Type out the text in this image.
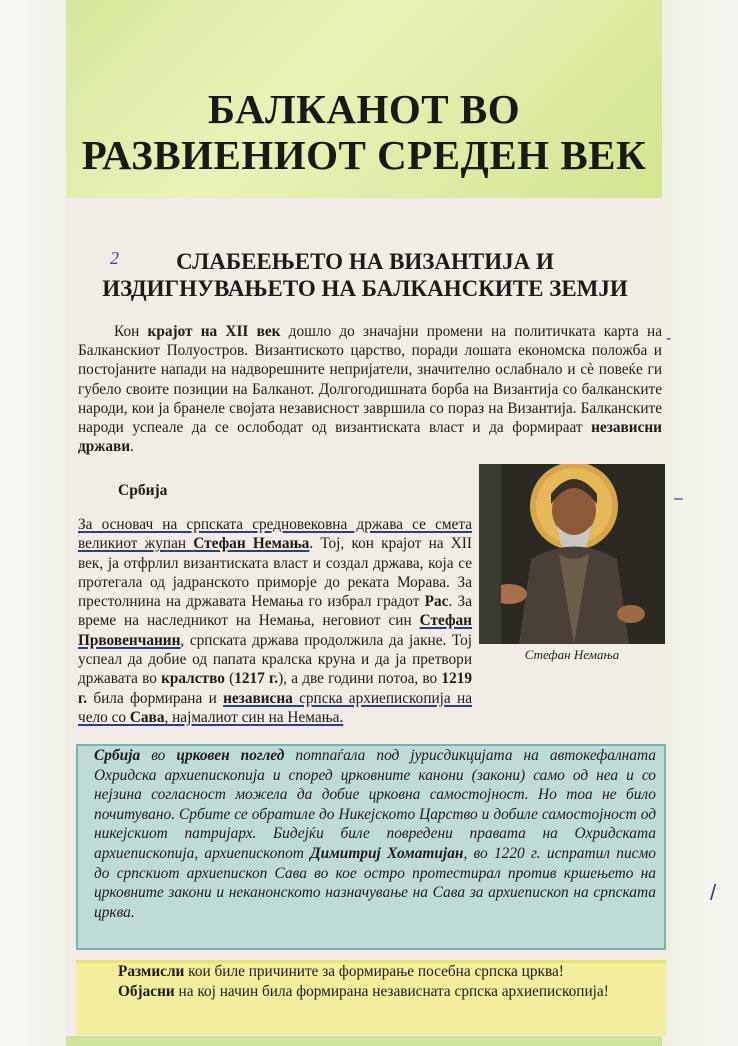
БАЛКАНОТ ВО
РАЗВИЕНИОТ СРЕДЕН ВЕК
2	СЛАБЕЕЊЕТО НА ВИЗАНТИЈА И
ИЗДИГНУВАЊЕТО НА БАЛКАНСКИТЕ ЗЕМЈИ
Кон крајот на XII век дошло до значајни промени на политичката карта на Балканскиот Полуостров. Византиското царство, поради лошата економска положба и постојаните напади на надворешните непријатели, значително ослабнало и сѐ повеќе ги губело своите позиции на Балканот. Долгогодишната борба на Византија со балканските народи, кои ја бранеле својата независност завршила со пораз на Византија. Балканските народи успеале да се ослободат од византиската власт и да формираат независни држави.
Србија
За основач на српската средновековна држава се смета великиот жупан Стефан Немања. Тој, кон крајот на XII век, ја отфрлил византиската власт и создал држава, која се протегала од јадранското приморје до реката Морава. За престолнина на државата Немања го избрал градот Рас. За време на наследникот на Немања, неговиот син Стефан Првовенчанин, српската држава продолжила да јакне. Тој успеал да добие од папата кралска круна и да ја претвори државата во кралство (1217 г.), а две години потоа, во 1219 г. била формирана и независна српска архиепископија на чело со Сава, најмалиот син на Немања.
Стефан Немања
–
-
/
Србија во црковен поглед потпаѓала под јурисдикцијата на автокефалната Охридска архиепископија и според црковните канони (закони) само од неа и со нејзина согласност можела да добие црковна самостојност. Но тоа не било почитувано. Србите се обратиле до Никејското Царство и добиле самостојност од никејскиот патријарх. Бидејќи биле повредени правата на Охридската архиепископија, архиепископот Димитриј Хоматијан, во 1220 г. испратил писмо до српскиот архиепископ Сава во кое остро протестирал против кршењето на црковните закони и неканонското назначување на Сава за архиепископ на српската црква.
Размисли кои биле причините за формирање посебна српска црква!
Објасни на кој начин била формирана независната српска архиепископија!
